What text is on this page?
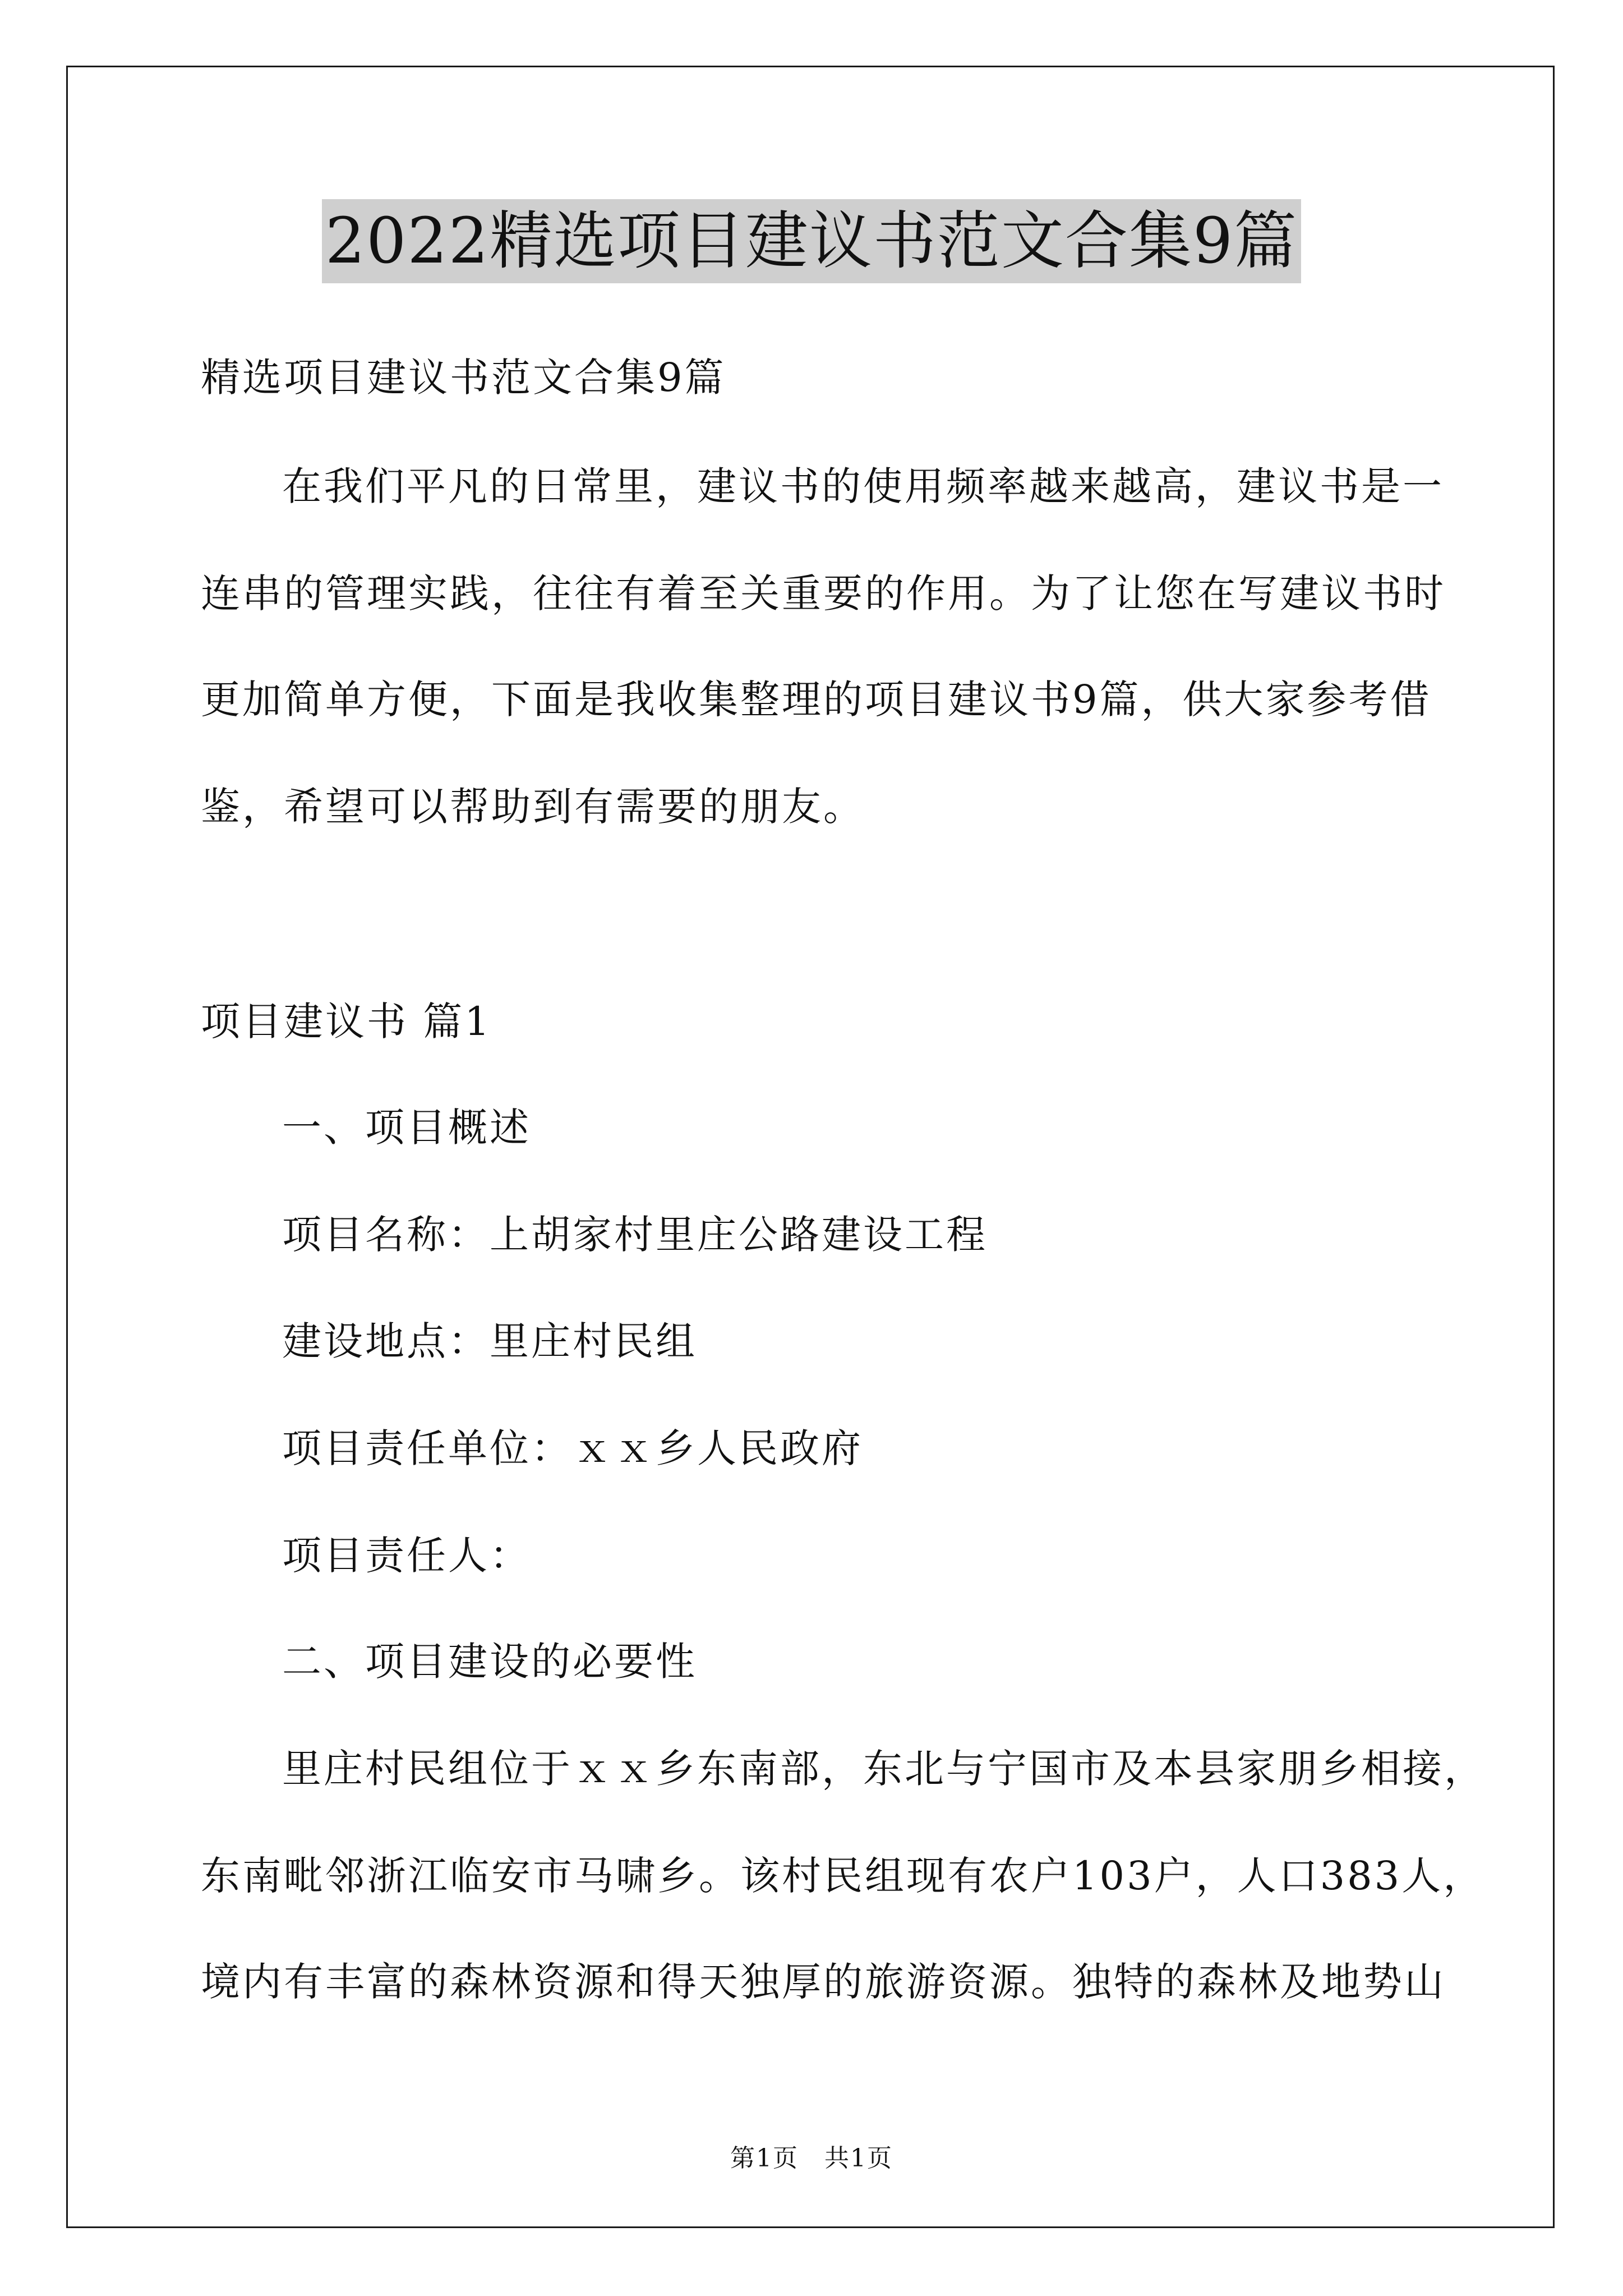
2022精选项目建议书范文合集9篇
精选项目建议书范文合集9篇
在我们平凡的日常里，建议书的使用频率越来越高，建议书是一
连串的管理实践，往往有着至关重要的作用。为了让您在写建议书时
更加简单方便，下面是我收集整理的项目建议书9篇，供大家参考借
鉴，希望可以帮助到有需要的朋友。
项目建议书 篇1
一、项目概述
项目名称：上胡家村里庄公路建设工程
建设地点：里庄村民组
项目责任单位：ｘｘ乡人民政府
项目责任人：
二、项目建设的必要性
里庄村民组位于ｘｘ乡东南部，东北与宁国市及本县家朋乡相接，
东南毗邻浙江临安市马啸乡。该村民组现有农户103户，人口383人，
境内有丰富的森林资源和得天独厚的旅游资源。独特的森林及地势山
第1页　共1页
